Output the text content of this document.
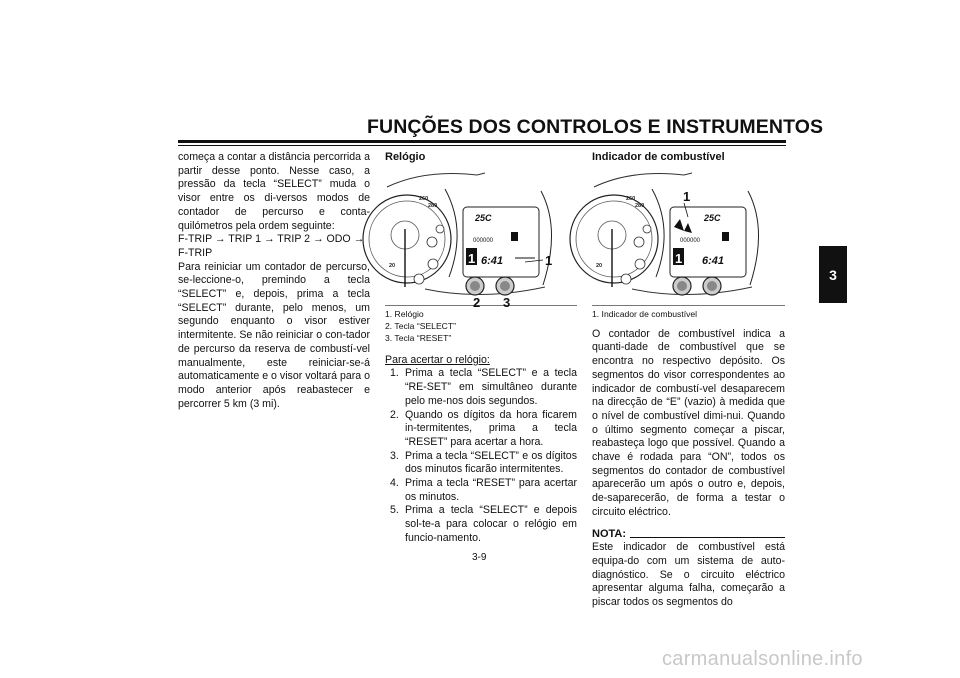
FUNÇÕES DOS CONTROLOS E INSTRUMENTOS
3

começa a contar a distância percorrida a partir desse ponto. Nesse caso, a pressão da tecla “SELECT” muda o visor entre os di-versos modos de contador de percurso e conta-quilómetros pela ordem seguinte:

F-TRIP → TRIP 1 → TRIP 2 → ODO → F-TRIP

Para reiniciar um contador de percurso, se-leccione-o, premindo a tecla “SELECT” e, depois, prima a tecla “SELECT” durante, pelo menos, um segundo enquanto o visor estiver intermitente. Se não reiniciar o con-tador de percurso da reserva de combustí-vel manualmente, este reiniciar-se-á automaticamente e o visor voltará para o modo anterior após reabastecer e percorrer 5 km (3 mi).

Relógio
260
280
20
25C
000000
1 6:41	1
2 3
1. Relógio
2. Tecla “SELECT”
3. Tecla “RESET”
Para acertar o relógio:
1. Prima a tecla “SELECT” e a tecla “RE-SET” em simultâneo durante pelo me-nos dois segundos.
2. Quando os dígitos da hora ficarem in-termitentes, prima a tecla “RESET” para acertar a hora.
3. Prima a tecla “SELECT” e os dígitos dos minutos ficarão intermitentes.
4. Prima a tecla “RESET” para acertar os minutos.
5. Prima a tecla “SELECT” e depois sol-te-a para colocar o relógio em funcio-namento.
Indicador de combustível
260
280
20
25C
000000
1 6:41
1
1. Indicador de combustível

O contador de combustível indica a quanti-dade de combustível que se encontra no respectivo depósito. Os segmentos do visor correspondentes ao indicador de combustí-vel desaparecem na direcção de “E” (vazio) à medida que o nível de combustível dimi-nui. Quando o último segmento começar a piscar, reabasteça logo que possível. Quando a chave é rodada para “ON”, todos os segmentos do contador de combustível aparecerão um após o outro e, depois, de-saparecerão, de forma a testar o circuito eléctrico.

NOTA:

Este indicador de combustível está equipa-do com um sistema de auto-diagnóstico. Se o circuito eléctrico apresentar alguma falha, começarão a piscar todos os segmentos do

3-9
carmanualsonline.info
